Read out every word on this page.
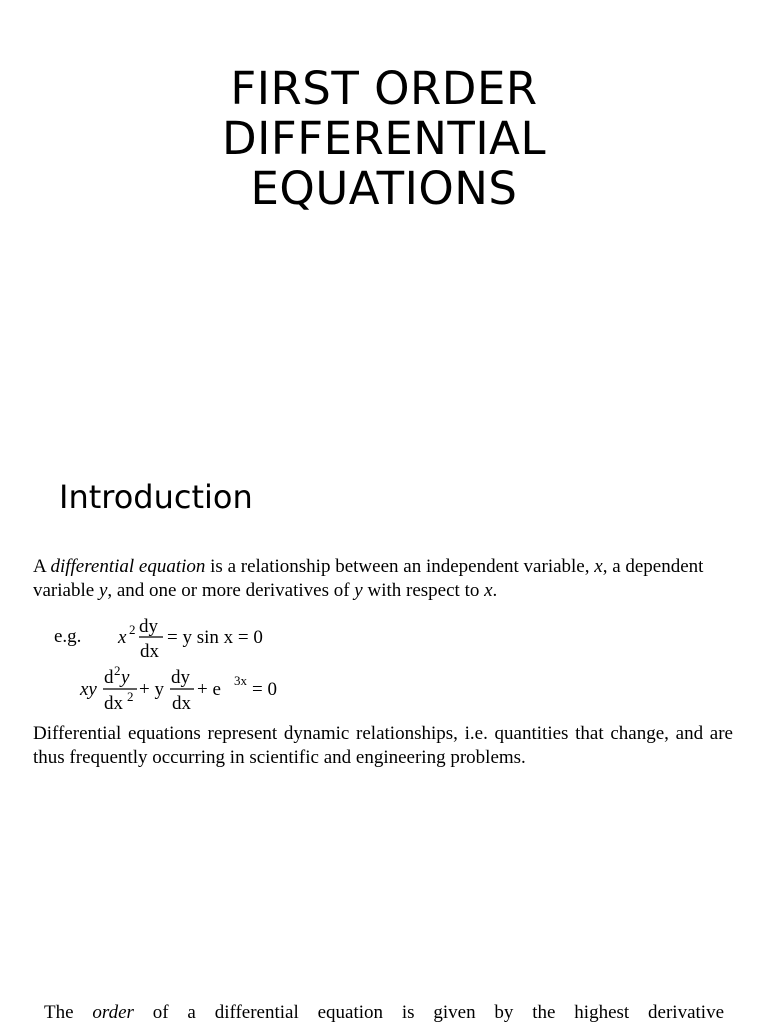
FIRST ORDER
DIFFERENTIAL
EQUATIONS
Introduction
A differential equation is a relationship between an independent variable, x, a dependent variable y, and one or more derivatives of y with respect to x.
e.g. x 2 dy
dx
= y sin x = 0
xy
d 2 y
dx 2 + y
dy
dx
+ e 3x = 0
Differential equations represent dynamic relationships, i.e. quantities that change, and are thus frequently occurring in scientific and engineering problems.
The order of a differential equation is given by the highest derivative
